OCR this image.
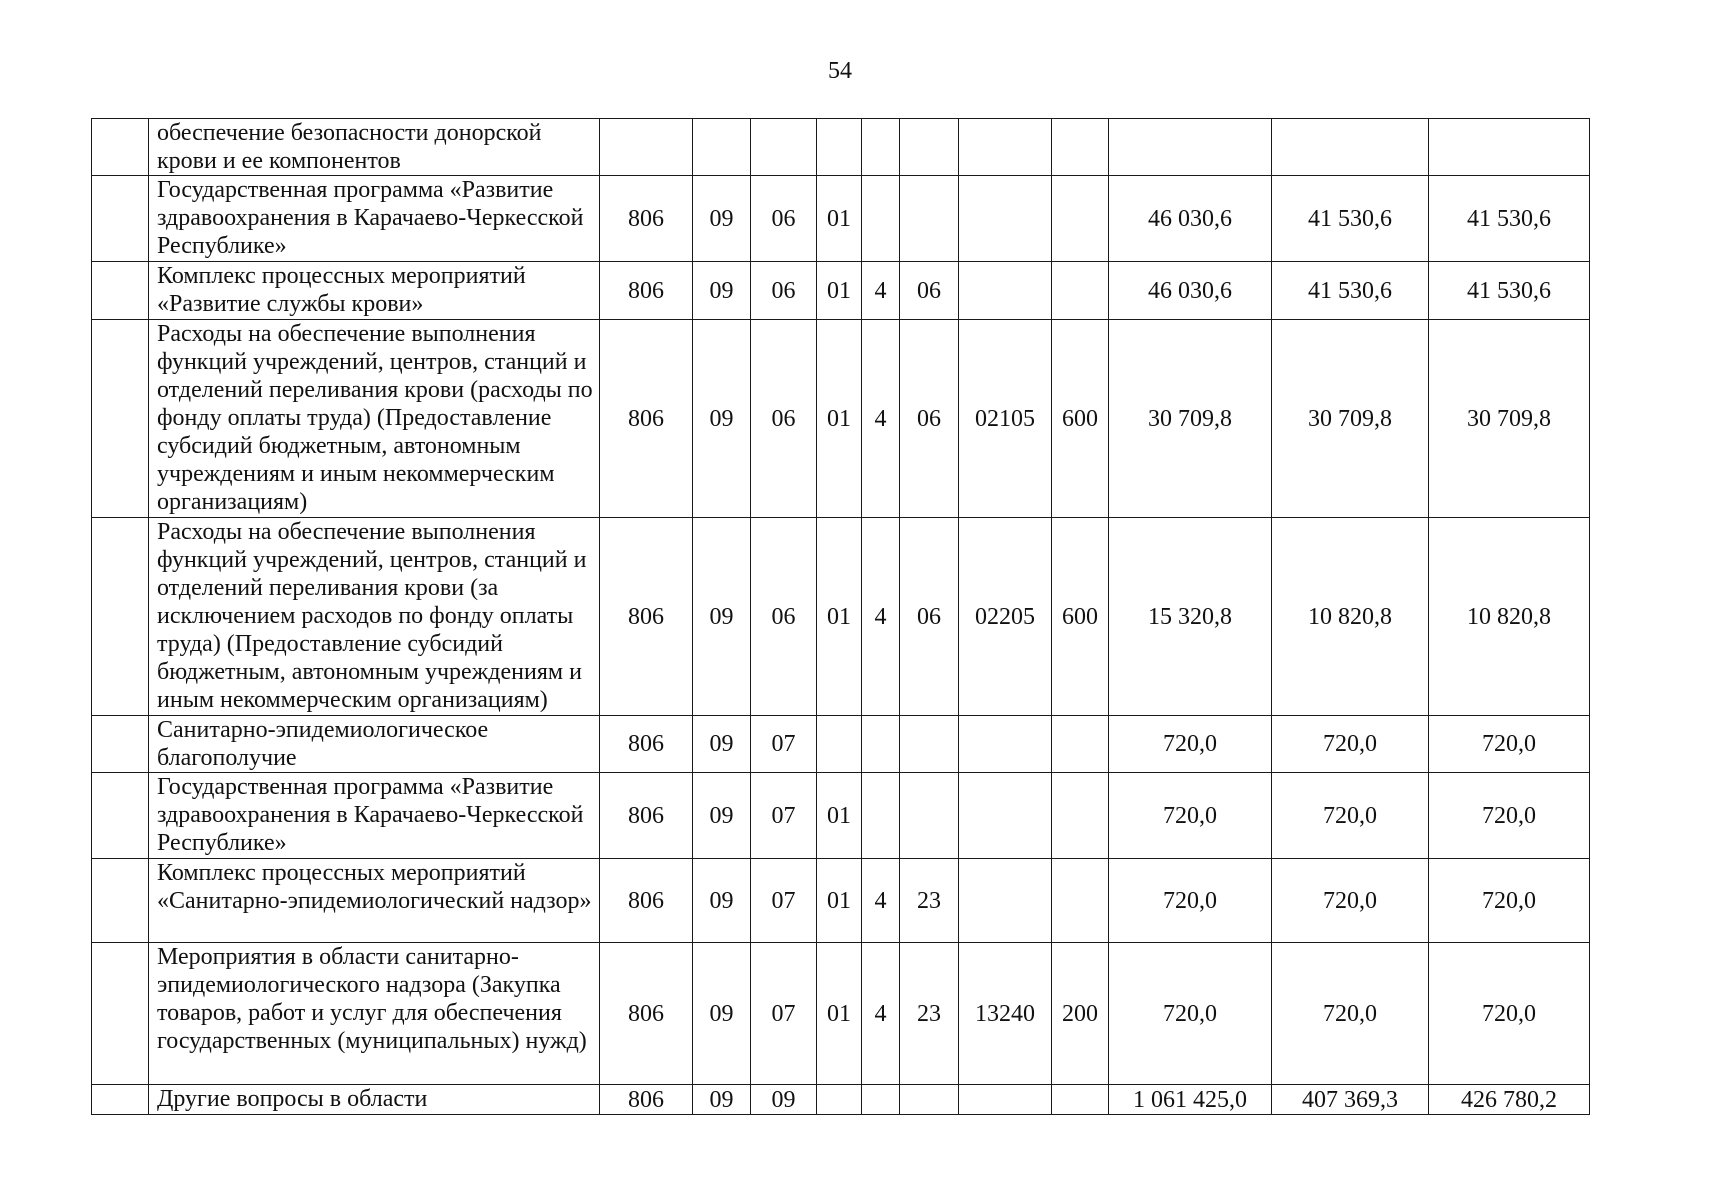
54
	обеспечение безопасности донорской крови и ее компонентов											
	Государственная программа «Развитие здравоохранения в Карачаево-Черкесской Республике»	806	09	06	01					46 030,6	41 530,6	41 530,6
	Комплекс процессных мероприятий «Развитие службы крови»	806	09	06	01	4	06			46 030,6	41 530,6	41 530,6
	Расходы на обеспечение выполнения функций учреждений, центров, станций и отделений переливания крови (расходы по фонду оплаты труда) (Предоставление субсидий бюджетным, автономным учреждениям и иным некоммерческим организациям)	806	09	06	01	4	06	02105	600	30 709,8	30 709,8	30 709,8
	Расходы на обеспечение выполнения функций учреждений, центров, станций и отделений переливания крови (за исключением расходов по фонду оплаты труда) (Предоставление субсидий бюджетным, автономным учреждениям и иным некоммерческим организациям)	806	09	06	01	4	06	02205	600	15 320,8	10 820,8	10 820,8
	Санитарно-эпидемиологическое благополучие	806	09	07						720,0	720,0	720,0
	Государственная программа «Развитие здравоохранения в Карачаево-Черкесской Республике»	806	09	07	01					720,0	720,0	720,0
	Комплекс процессных мероприятий «Санитарно-эпидемиологический надзор»	806	09	07	01	4	23			720,0	720,0	720,0
	Мероприятия в области санитарно-эпидемиологического надзора (Закупка товаров, работ и услуг для обеспечения государственных (муниципальных) нужд)	806	09	07	01	4	23	13240	200	720,0	720,0	720,0
	Другие вопросы в области	806	09	09						1 061 425,0	407 369,3	426 780,2
